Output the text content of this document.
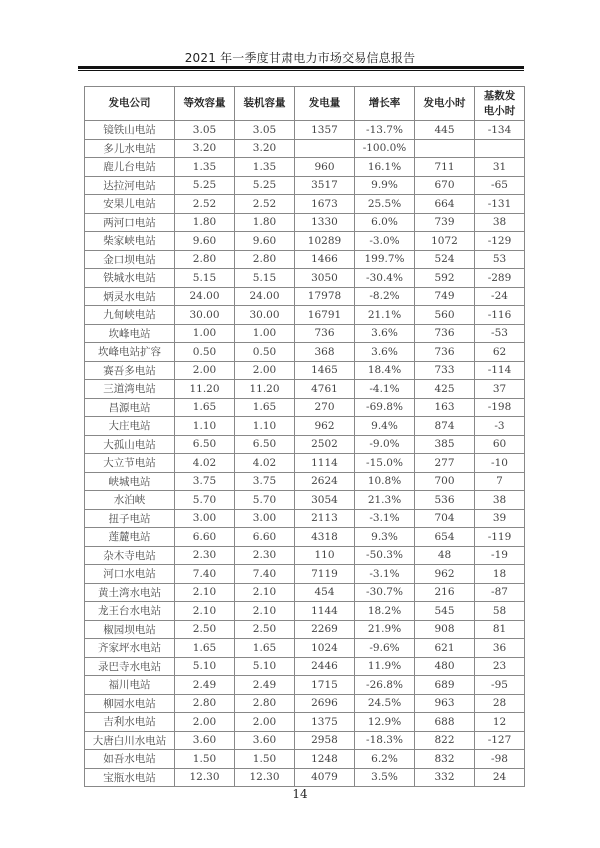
2021 年一季度甘肃电力市场交易信息报告
发电公司	等效容量	装机容量	发电量	增长率	发电小时	基数发
电小时
镜铁山电站	3.05	3.05	1357	-13.7%	445	-134
多儿水电站	3.20	3.20		-100.0%		
鹿儿台电站	1.35	1.35	960	16.1%	711	31
达拉河电站	5.25	5.25	3517	9.9%	670	-65
安果儿电站	2.52	2.52	1673	25.5%	664	-131
两河口电站	1.80	1.80	1330	6.0%	739	38
柴家峡电站	9.60	9.60	10289	-3.0%	1072	-129
金口坝电站	2.80	2.80	1466	199.7%	524	53
铁城水电站	5.15	5.15	3050	-30.4%	592	-289
炳灵水电站	24.00	24.00	17978	-8.2%	749	-24
九甸峡电站	30.00	30.00	16791	21.1%	560	-116
坎峰电站	1.00	1.00	736	3.6%	736	-53
坎峰电站扩容	0.50	0.50	368	3.6%	736	62
赛吾多电站	2.00	2.00	1465	18.4%	733	-114
三道湾电站	11.20	11.20	4761	-4.1%	425	37
昌源电站	1.65	1.65	270	-69.8%	163	-198
大庄电站	1.10	1.10	962	9.4%	874	-3
大孤山电站	6.50	6.50	2502	-9.0%	385	60
大立节电站	4.02	4.02	1114	-15.0%	277	-10
峡城电站	3.75	3.75	2624	10.8%	700	7
水泊峡	5.70	5.70	3054	21.3%	536	38
扭子电站	3.00	3.00	2113	-3.1%	704	39
莲麓电站	6.60	6.60	4318	9.3%	654	-119
杂木寺电站	2.30	2.30	110	-50.3%	48	-19
河口水电站	7.40	7.40	7119	-3.1%	962	18
黄土湾水电站	2.10	2.10	454	-30.7%	216	-87
龙王台水电站	2.10	2.10	1144	18.2%	545	58
椒园坝电站	2.50	2.50	2269	21.9%	908	81
齐家坪水电站	1.65	1.65	1024	-9.6%	621	36
录巴寺水电站	5.10	5.10	2446	11.9%	480	23
福川电站	2.49	2.49	1715	-26.8%	689	-95
柳园水电站	2.80	2.80	2696	24.5%	963	28
吉利水电站	2.00	2.00	1375	12.9%	688	12
大唐白川水电站	3.60	3.60	2958	-18.3%	822	-127
如吾水电站	1.50	1.50	1248	6.2%	832	-98
宝瓶水电站	12.30	12.30	4079	3.5%	332	24
14
